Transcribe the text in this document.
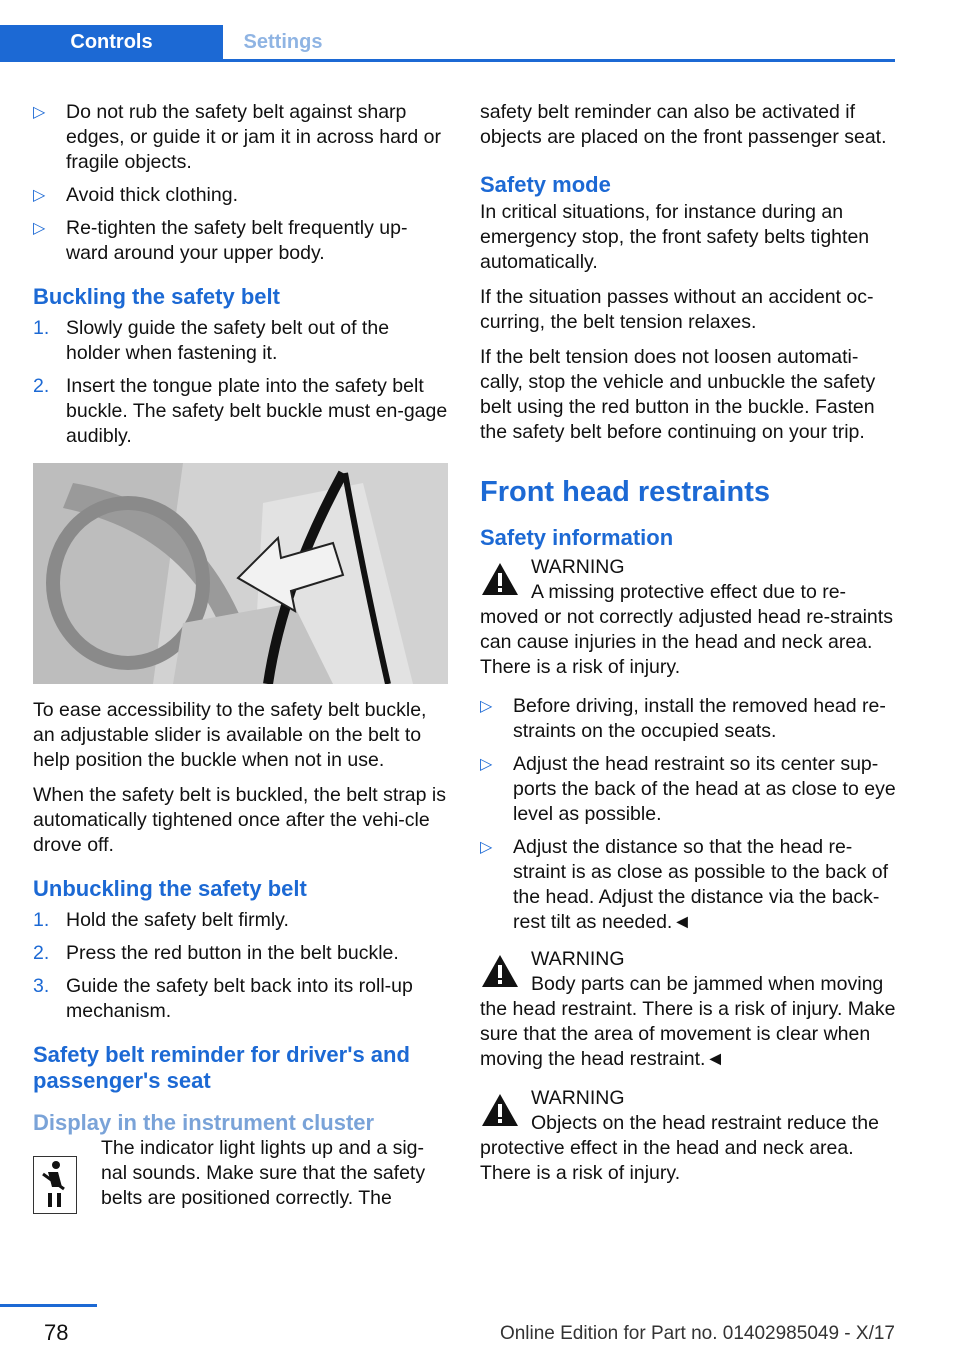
Controls	Settings
▷ Do not rub the safety belt against sharp edges, or guide it or jam it in across hard or fragile objects.
▷ Avoid thick clothing.
▷ Re-tighten the safety belt frequently up-ward around your upper body.
Buckling the safety belt
1. Slowly guide the safety belt out of the holder when fastening it.
2. Insert the tongue plate into the safety belt buckle. The safety belt buckle must en-gage audibly.

To ease accessibility to the safety belt buckle, an adjustable slider is available on the belt to help position the buckle when not in use.

When the safety belt is buckled, the belt strap is automatically tightened once after the vehi-cle drove off.

Unbuckling the safety belt
1. Hold the safety belt firmly.
2. Press the red button in the belt buckle.
3. Guide the safety belt back into its roll-up mechanism.
Safety belt reminder for driver's and passenger's seat
Display in the instrument cluster
The indicator light lights up and a sig-nal sounds. Make sure that the safety belts are positioned correctly. The

safety belt reminder can also be activated if objects are placed on the front passenger seat.

Safety mode

In critical situations, for instance during an emergency stop, the front safety belts tighten automatically.

If the situation passes without an accident oc-curring, the belt tension relaxes.

If the belt tension does not loosen automati-cally, stop the vehicle and unbuckle the safety belt using the red button in the buckle. Fasten the safety belt before continuing on your trip.

Front head restraints
Safety information
WARNING
A missing protective effect due to re-moved or not correctly adjusted head re-straints can cause injuries in the head and neck area. There is a risk of injury.
▷ Before driving, install the removed head re-straints on the occupied seats.
▷ Adjust the head restraint so its center sup-ports the back of the head at as close to eye level as possible.
▷ Adjust the distance so that the head re-straint is as close as possible to the back of the head. Adjust the distance via the back-rest tilt as needed.◄
WARNING
Body parts can be jammed when moving the head restraint. There is a risk of injury. Make sure that the area of movement is clear when moving the head restraint.◄
WARNING
Objects on the head restraint reduce the protective effect in the head and neck area. There is a risk of injury.
78	Online Edition for Part no. 01402985049 - X/17
